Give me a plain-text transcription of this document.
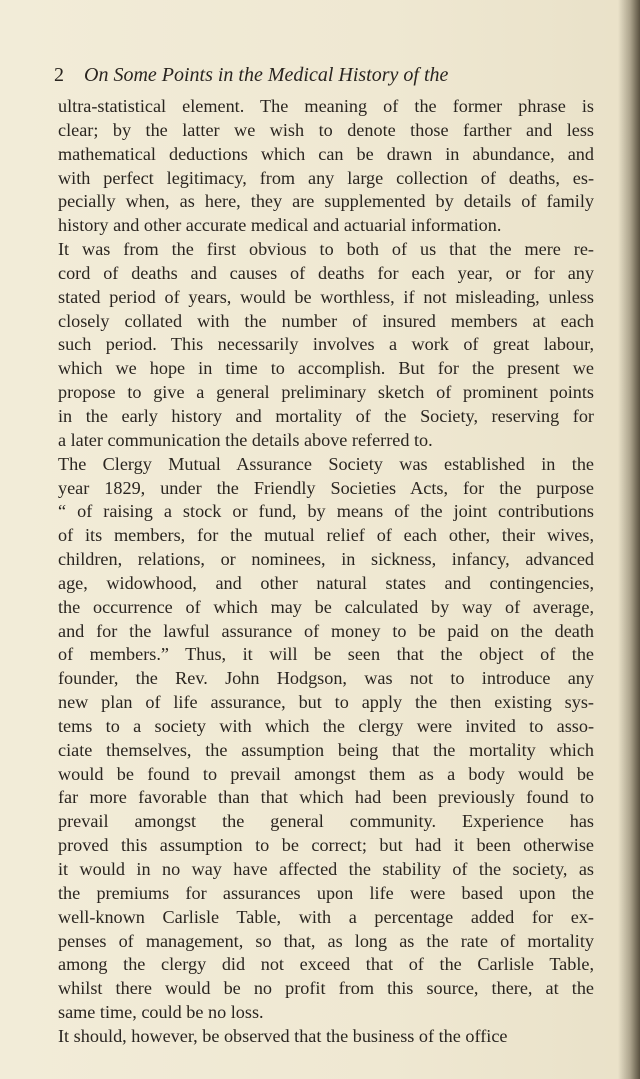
2 On Some Points in the Medical History of the
ultra-statistical element. The meaning of the former phrase is
clear; by the latter we wish to denote those farther and less
mathematical deductions which can be drawn in abundance, and
with perfect legitimacy, from any large collection of deaths, es-
pecially when, as here, they are supplemented by details of family
history and other accurate medical and actuarial information.
It was from the first obvious to both of us that the mere re-
cord of deaths and causes of deaths for each year, or for any
stated period of years, would be worthless, if not misleading, unless
closely collated with the number of insured members at each
such period. This necessarily involves a work of great labour,
which we hope in time to accomplish. But for the present we
propose to give a general preliminary sketch of prominent points
in the early history and mortality of the Society, reserving for
a later communication the details above referred to.
The Clergy Mutual Assurance Society was established in the
year 1829, under the Friendly Societies Acts, for the purpose
“ of raising a stock or fund, by means of the joint contributions
of its members, for the mutual relief of each other, their wives,
children, relations, or nominees, in sickness, infancy, advanced
age, widowhood, and other natural states and contingencies,
the occurrence of which may be calculated by way of average,
and for the lawful assurance of money to be paid on the death
of members.” Thus, it will be seen that the object of the
founder, the Rev. John Hodgson, was not to introduce any
new plan of life assurance, but to apply the then existing sys-
tems to a society with which the clergy were invited to asso-
ciate themselves, the assumption being that the mortality which
would be found to prevail amongst them as a body would be
far more favorable than that which had been previously found to
prevail amongst the general community. Experience has
proved this assumption to be correct; but had it been otherwise
it would in no way have affected the stability of the society, as
the premiums for assurances upon life were based upon the
well-known Carlisle Table, with a percentage added for ex-
penses of management, so that, as long as the rate of mortality
among the clergy did not exceed that of the Carlisle Table,
whilst there would be no profit from this source, there, at the
same time, could be no loss.
It should, however, be observed that the business of the office
